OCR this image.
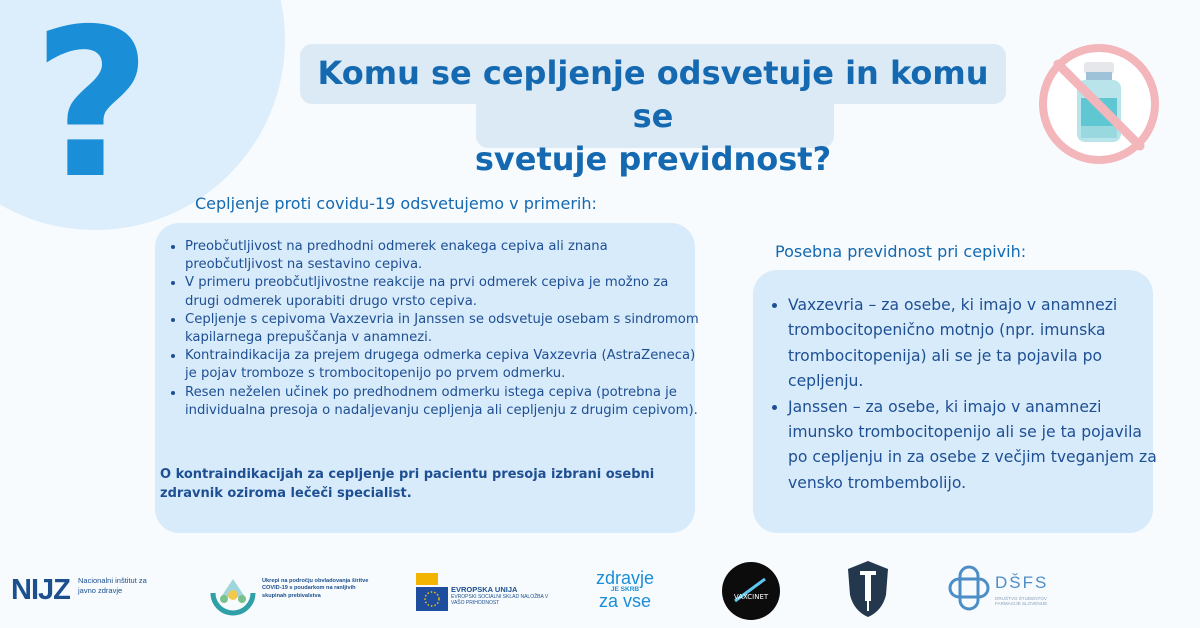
?	Komu se cepljenje odsvetuje in komu se
svetuje previdnost?
Cepljenje proti covidu-19 odsvetujemo v primerih:
• Preobčutljivost na predhodni odmerek enakega cepiva ali znana preobčutljivost na sestavino cepiva.
• V primeru preobčutljivostne reakcije na prvi odmerek cepiva je možno za drugi odmerek uporabiti drugo vrsto cepiva.
• Cepljenje s cepivoma Vaxzevria in Janssen se odsvetuje osebam s sindromom kapilarnega prepuščanja v anamnezi.
• Kontraindikacija za prejem drugega odmerka cepiva Vaxzevria (AstraZeneca) je pojav tromboze s trombocitopenijo po prvem odmerku.
• Resen neželen učinek po predhodnem odmerku istega cepiva (potrebna je individualna presoja o nadaljevanju cepljenja ali cepljenju z drugim cepivom).
O kontraindikacijah za cepljenje pri pacientu presoja izbrani osebni zdravnik oziroma lečeči specialist.
Posebna previdnost pri cepivih:
• Vaxzevria – za osebe, ki imajo v anamnezi trombocitopenično motnjo (npr. imunska trombocitopenija) ali se je ta pojavila po cepljenju.
• Janssen – za osebe, ki imajo v anamnezi imunsko trombocitopenijo ali se je ta pojavila po cepljenju in za osebe z večjim tveganjem za vensko trombembolijo.
NIJZ Nacionalni inštitut za javno zdravje
Ukrepi na področju obvladovanja širitve COVID-19 s poudarkom na ranljivih skupinah prebivalstva
EVROPSKA UNIJA
EVROPSKI SOCIALNI SKLAD NALOŽBA V VAŠO PRIHODNOST
zdravje
JE SKRB
za vse	VAXCINET
DŠFS
DRUŠTVO ŠTUDENTOV FARMACIJE SLOVENIJE
